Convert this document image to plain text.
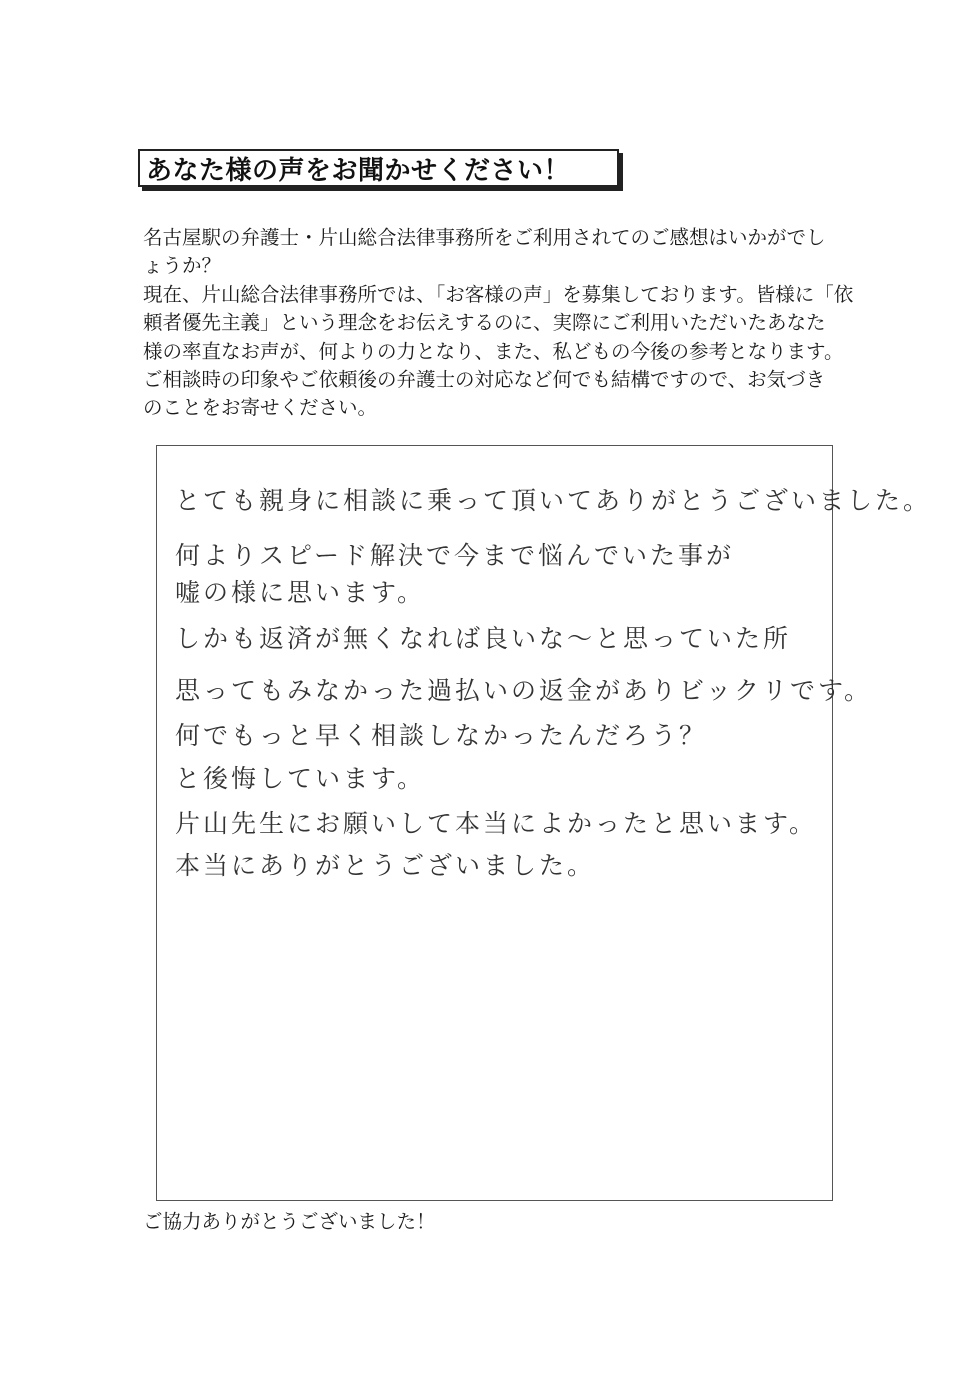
あなた様の声をお聞かせください！

名古屋駅の弁護士・片山総合法律事務所をご利用されてのご感想はいかがでし

ょうか？

現在、片山総合法律事務所では、「お客様の声」を募集しております。皆様に「依

頼者優先主義」という理念をお伝えするのに、実際にご利用いただいたあなた

様の率直なお声が、何よりの力となり、また、私どもの今後の参考となります。

ご相談時の印象やご依頼後の弁護士の対応など何でも結構ですので、お気づき

のことをお寄せください。

とても親身に相談に乗って頂いてありがとうございました。
何よりスピード解決で今まで悩んでいた事が
嘘の様に思います。
しかも返済が無くなれば良いな～と思っていた所
思ってもみなかった過払いの返金がありビックリです。
何でもっと早く相談しなかったんだろう？
と後悔しています。
片山先生にお願いして本当によかったと思います。
本当にありがとうございました。

ご協力ありがとうございました！
